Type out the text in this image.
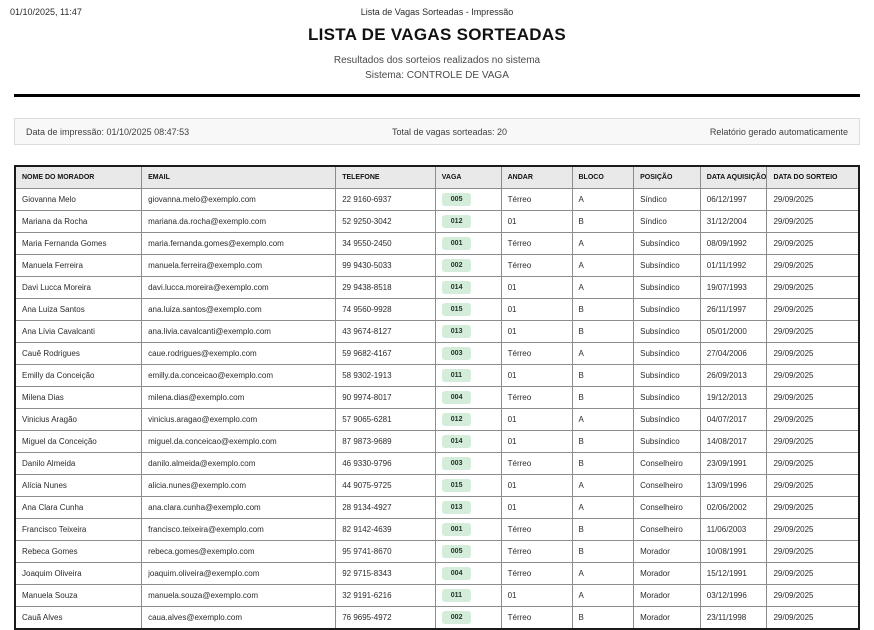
01/10/2025, 11:47	Lista de Vagas Sorteadas - Impressão
LISTA DE VAGAS SORTEADAS
Resultados dos sorteios realizados no sistema
Sistema: CONTROLE DE VAGA
Data de impressão: 01/10/2025 08:47:53	Total de vagas sorteadas: 20	Relatório gerado automaticamente
NOME DO MORADOR	EMAIL	TELEFONE	VAGA	ANDAR	BLOCO	POSIÇÃO	DATA AQUISIÇÃO	DATA DO SORTEIO
Giovanna Melo	giovanna.melo@exemplo.com	22 9160-6937	005	Térreo	A	Síndico	06/12/1997	29/09/2025
Mariana da Rocha	mariana.da.rocha@exemplo.com	52 9250-3042	012	01	B	Síndico	31/12/2004	29/09/2025
Maria Fernanda Gomes	maria.fernanda.gomes@exemplo.com	34 9550-2450	001	Térreo	A	Subsíndico	08/09/1992	29/09/2025
Manuela Ferreira	manuela.ferreira@exemplo.com	99 9430-5033	002	Térreo	A	Subsíndico	01/11/1992	29/09/2025
Davi Lucca Moreira	davi.lucca.moreira@exemplo.com	29 9438-8518	014	01	A	Subsíndico	19/07/1993	29/09/2025
Ana Luiza Santos	ana.luiza.santos@exemplo.com	74 9560-9928	015	01	B	Subsíndico	26/11/1997	29/09/2025
Ana Lívia Cavalcanti	ana.livia.cavalcanti@exemplo.com	43 9674-8127	013	01	B	Subsíndico	05/01/2000	29/09/2025
Cauê Rodrigues	caue.rodrigues@exemplo.com	59 9682-4167	003	Térreo	A	Subsíndico	27/04/2006	29/09/2025
Emilly da Conceição	emilly.da.conceicao@exemplo.com	58 9302-1913	011	01	B	Subsíndico	26/09/2013	29/09/2025
Milena Dias	milena.dias@exemplo.com	90 9974-8017	004	Térreo	B	Subsíndico	19/12/2013	29/09/2025
Vinicius Aragão	vinicius.aragao@exemplo.com	57 9065-6281	012	01	A	Subsíndico	04/07/2017	29/09/2025
Miguel da Conceição	miguel.da.conceicao@exemplo.com	87 9873-9689	014	01	B	Subsíndico	14/08/2017	29/09/2025
Danilo Almeida	danilo.almeida@exemplo.com	46 9330-9796	003	Térreo	B	Conselheiro	23/09/1991	29/09/2025
Alícia Nunes	alicia.nunes@exemplo.com	44 9075-9725	015	01	A	Conselheiro	13/09/1996	29/09/2025
Ana Clara Cunha	ana.clara.cunha@exemplo.com	28 9134-4927	013	01	A	Conselheiro	02/06/2002	29/09/2025
Francisco Teixeira	francisco.teixeira@exemplo.com	82 9142-4639	001	Térreo	B	Conselheiro	11/06/2003	29/09/2025
Rebeca Gomes	rebeca.gomes@exemplo.com	95 9741-8670	005	Térreo	B	Morador	10/08/1991	29/09/2025
Joaquim Oliveira	joaquim.oliveira@exemplo.com	92 9715-8343	004	Térreo	A	Morador	15/12/1991	29/09/2025
Manuela Souza	manuela.souza@exemplo.com	32 9191-6216	011	01	A	Morador	03/12/1996	29/09/2025
Cauã Alves	caua.alves@exemplo.com	76 9695-4972	002	Térreo	B	Morador	23/11/1998	29/09/2025
